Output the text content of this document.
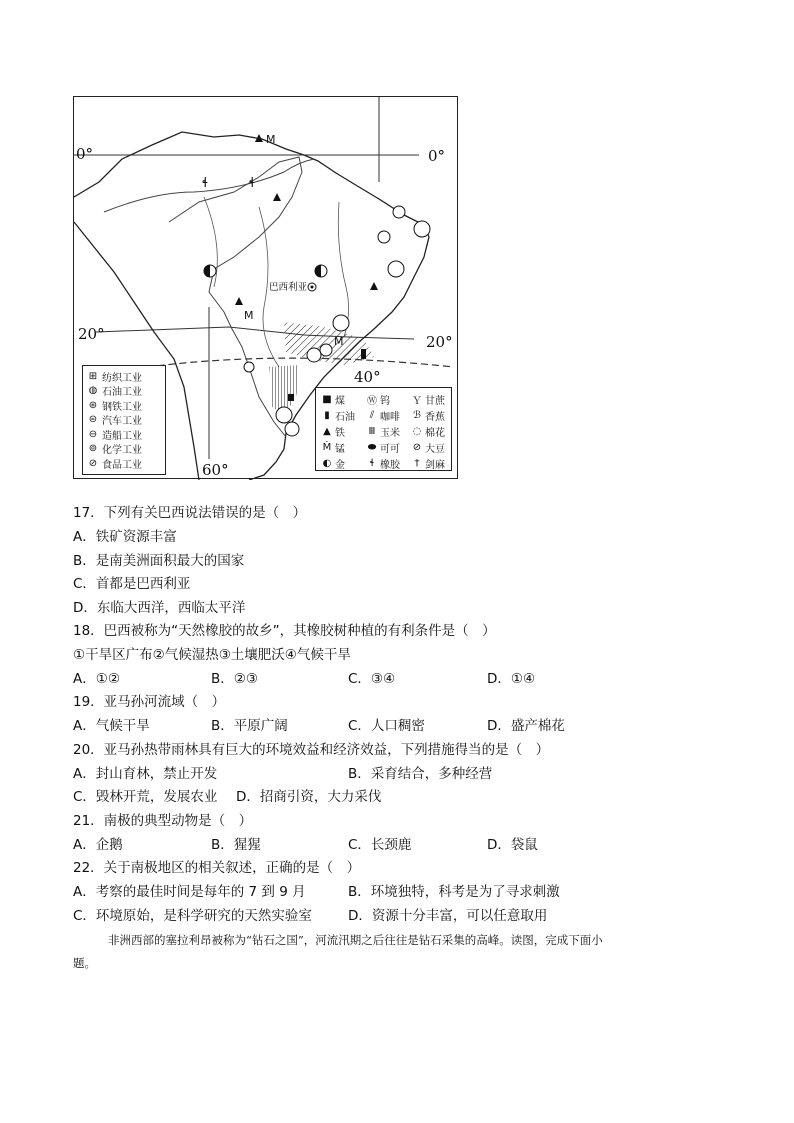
M
M
M
ɬ	ɬ
0°	0°
20°	20°
40°
60°
巴西利亚
⊞ 纺织工业
◍ 石油工业
⊛ 钢铁工业
⊜ 汽车工业
⊖ 造船工业
⊚ 化学工业
⊘ 食品工业
■ 煤 Ⓦ 钨 Ｙ 甘蔗
▮ 石油	⫽ 咖啡 ℬ 香蕉
▲ 铁 Ⅲ 玉米 ◌ 棉花
Ṁ 锰 ⬬ 可可 ⊘ 大豆
◐ 金	ɬ 橡胶	† 剑麻
17．下列有关巴西说法错误的是（　）
A．铁矿资源丰富
B．是南美洲面积最大的国家
C．首都是巴西利亚
D．东临大西洋，西临太平洋
18．巴西被称为“天然橡胶的故乡”，其橡胶树种植的有利条件是（　）
①干旱区广布②气候湿热③土壤肥沃④气候干旱
A．①②	B．②③	C．③④	D．①④
19．亚马孙河流域（　）
A．气候干旱	B．平原广阔	C．人口稠密	D．盛产棉花
20．亚马孙热带雨林具有巨大的环境效益和经济效益，下列措施得当的是（　）
A．封山育林，禁止开发	B．采育结合，多种经营
C．毁林开荒，发展农业 D．招商引资，大力采伐
21．南极的典型动物是（　）
A．企鹅	B．猩猩	C．长颈鹿	D．袋鼠
22．关于南极地区的相关叙述，正确的是（　）
A．考察的最佳时间是每年的 7 到 9 月	B．环境独特，科考是为了寻求刺激
C．环境原始，是科学研究的天然实验室	D．资源十分丰富，可以任意取用
非洲西部的塞拉利昂被称为“钻石之国”，河流汛期之后往往是钻石采集的高峰。读图，完成下面小
题。
